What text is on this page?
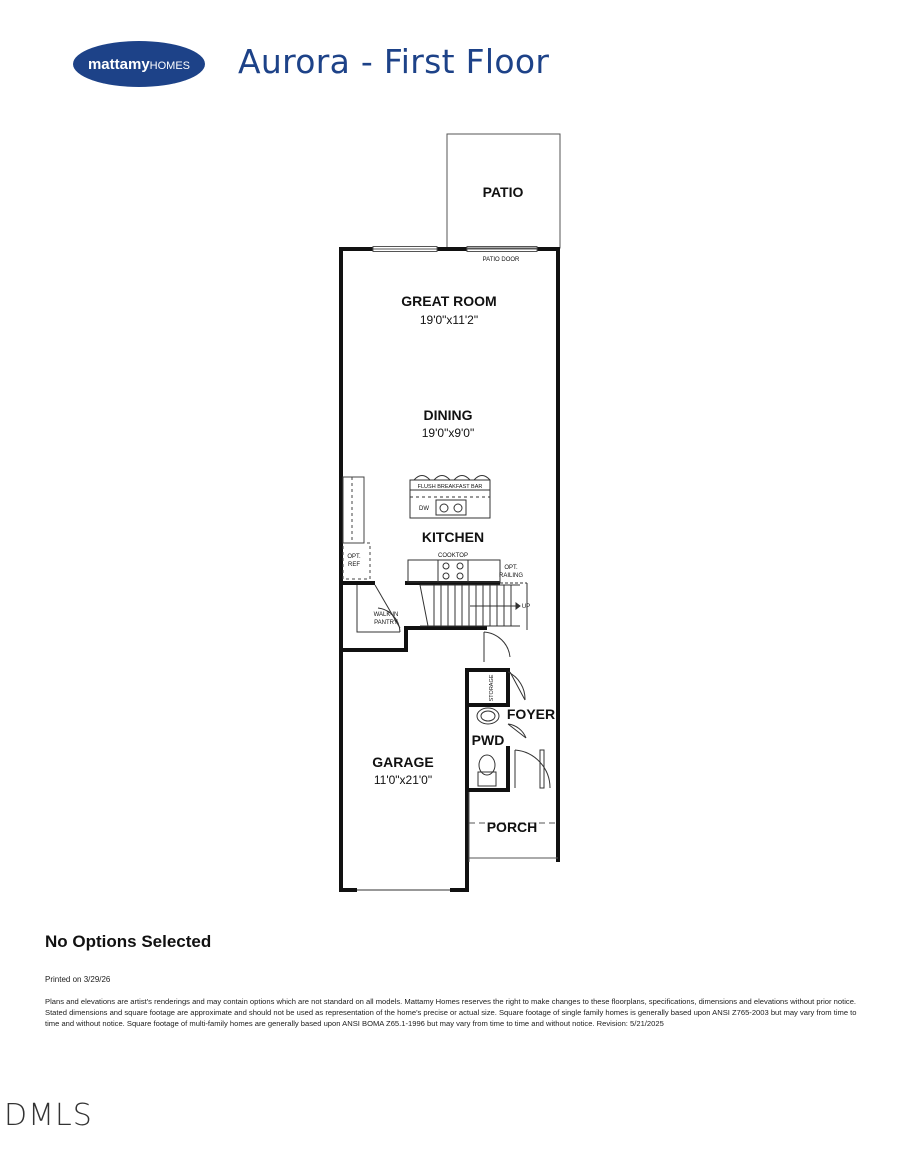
mattamyHOMES Aurora - First Floor
PATIO
PATIO DOOR
GREAT ROOM
19'0"x11'2"
DINING
19'0"x9'0"
FLUSH BREAKFAST BAR
DW
KITCHEN
COOKTOP
OPT.
RAILING
OPT.
REF
UP
WALK-IN
PANTRY
STORAGE
FOYER
PWD
GARAGE
11'0"x21'0"
PORCH
No Options Selected
Printed on 3/29/26
Plans and elevations are artist's renderings and may contain options which are not standard on all models. Mattamy Homes reserves the right to make changes to these floorplans, specifications, dimensions and elevations without prior notice. Stated dimensions and square footage are approximate and should not be used as representation of the home's precise or actual size. Square footage of single family homes is generally based upon ANSI Z765-2003 but may vary from time to time and without notice. Square footage of multi-family homes are generally based upon ANSI BOMA Z65.1-1996 but may vary from time to time and without notice. Revision: 5/21/2025
DMLS
